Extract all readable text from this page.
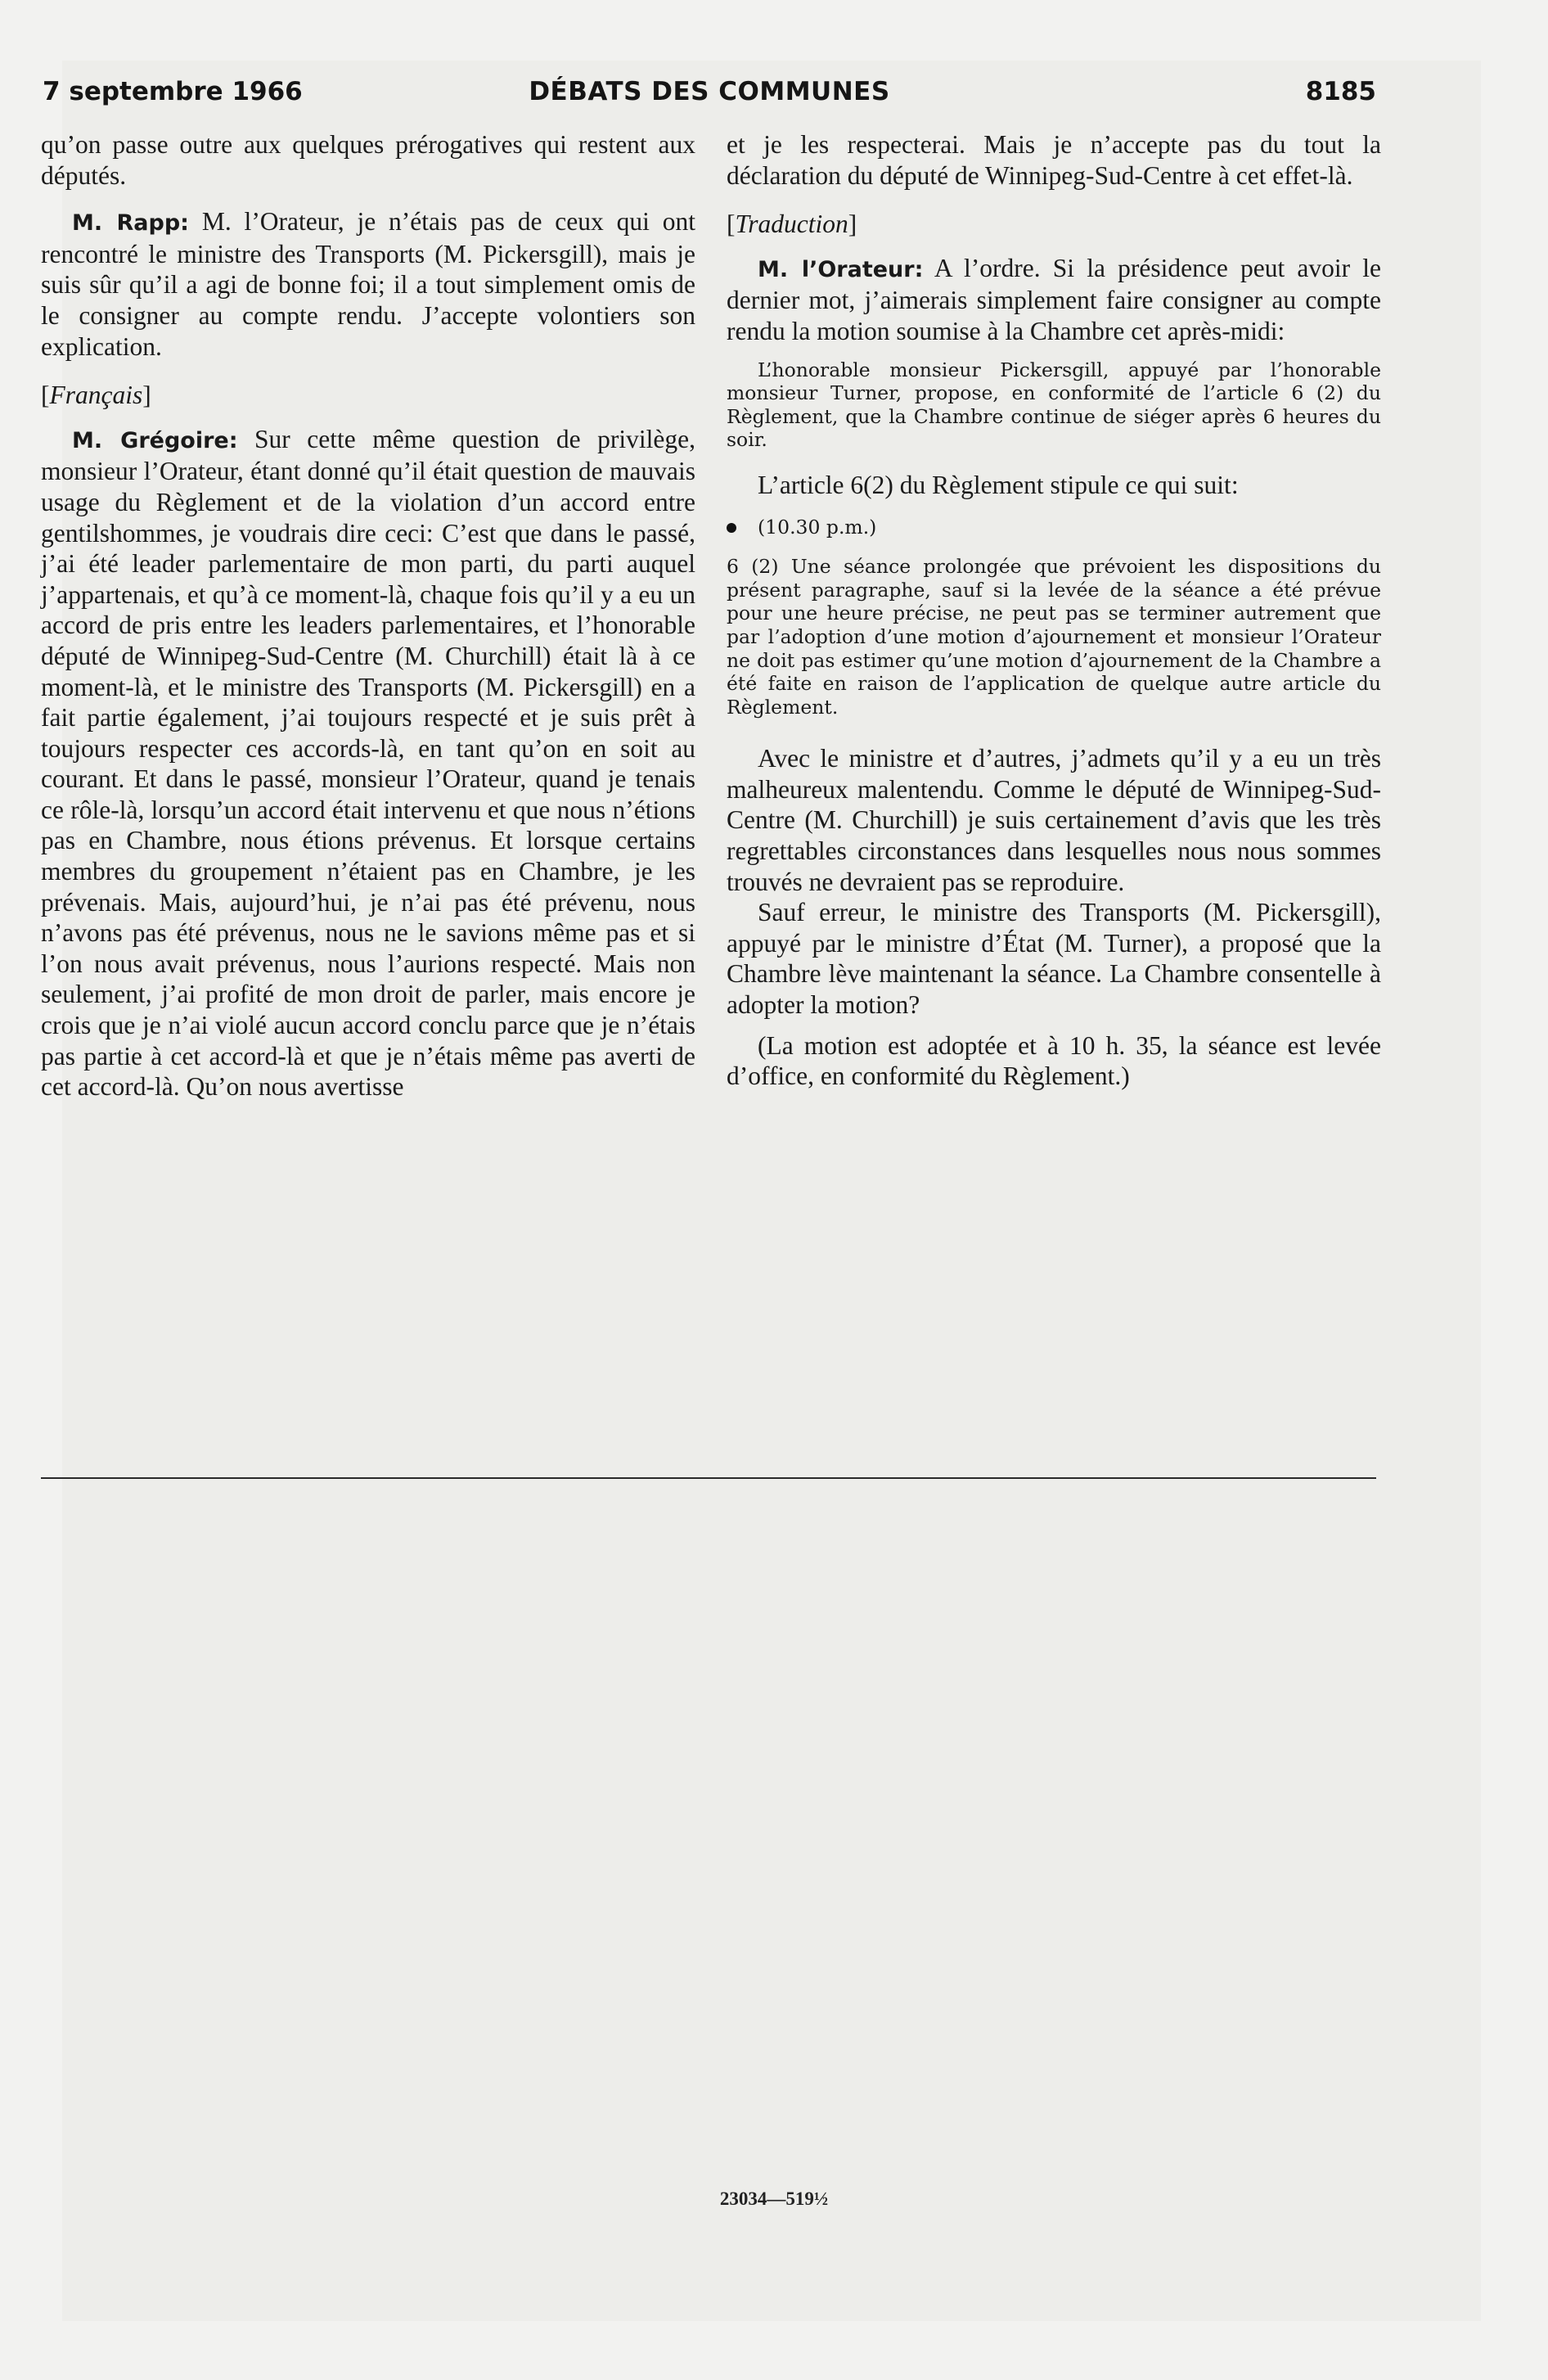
7 septembre 1966	DÉBATS DES COMMUNES	8185

qu’on passe outre aux quelques prérogatives qui restent aux députés.

M. Rapp: M. l’Orateur, je n’étais pas de ceux qui ont rencontré le ministre des Transports (M. Pickersgill), mais je suis sûr qu’il a agi de bonne foi; il a tout simplement omis de le consigner au compte rendu. J’accepte volontiers son explication.

[Français]

M. Grégoire: Sur cette même question de privilège, monsieur l’Orateur, étant donné qu’il était question de mauvais usage du Règlement et de la violation d’un accord entre gentilshommes, je voudrais dire ceci: C’est que dans le passé, j’ai été leader parlementaire de mon parti, du parti auquel j’appartenais, et qu’à ce moment-là, chaque fois qu’il y a eu un accord de pris entre les leaders parlementaires, et l’honorable député de Winnipeg-Sud-Centre (M. Churchill) était là à ce moment-là, et le ministre des Transports (M. Pickersgill) en a fait partie également, j’ai toujours respecté et je suis prêt à toujours respecter ces accords-là, en tant qu’on en soit au courant. Et dans le passé, monsieur l’Orateur, quand je tenais ce rôle-là, lorsqu’un accord était intervenu et que nous n’étions pas en Chambre, nous étions prévenus. Et lorsque certains membres du groupement n’étaient pas en Chambre, je les prévenais. Mais, aujourd’hui, je n’ai pas été prévenu, nous n’avons pas été prévenus, nous ne le savions même pas et si l’on nous avait prévenus, nous l’aurions respecté. Mais non seulement, j’ai profité de mon droit de parler, mais encore je crois que je n’ai violé aucun accord conclu parce que je n’étais pas partie à cet accord-là et que je n’étais même pas averti de cet accord-là. Qu’on nous avertisse

et je les respecterai. Mais je n’accepte pas du tout la déclaration du député de Winnipeg-Sud-Centre à cet effet-là.

[Traduction]

M. l’Orateur: A l’ordre. Si la présidence peut avoir le dernier mot, j’aimerais simplement faire consigner au compte rendu la motion soumise à la Chambre cet après-midi:

L’honorable monsieur Pickersgill, appuyé par l’honorable monsieur Turner, propose, en conformité de l’article 6 (2) du Règlement, que la Chambre continue de siéger après 6 heures du soir.

L’article 6(2) du Règlement stipule ce qui suit:

(10.30 p.m.)

6 (2) Une séance prolongée que prévoient les dispositions du présent paragraphe, sauf si la levée de la séance a été prévue pour une heure précise, ne peut pas se terminer autrement que par l’adoption d’une motion d’ajournement et monsieur l’Orateur ne doit pas estimer qu’une motion d’ajournement de la Chambre a été faite en raison de l’application de quelque autre article du Règlement.

Avec le ministre et d’autres, j’admets qu’il y a eu un très malheureux malentendu. Comme le député de Winnipeg-Sud-Centre (M. Churchill) je suis certainement d’avis que les très regrettables circonstances dans lesquelles nous nous sommes trouvés ne devraient pas se reproduire.

Sauf erreur, le ministre des Transports (M. Pickersgill), appuyé par le ministre d’État (M. Turner), a proposé que la Chambre lève maintenant la séance. La Chambre consentelle à adopter la motion?

(La motion est adoptée et à 10 h. 35, la séance est levée d’office, en conformité du Règlement.)

23034—519½
